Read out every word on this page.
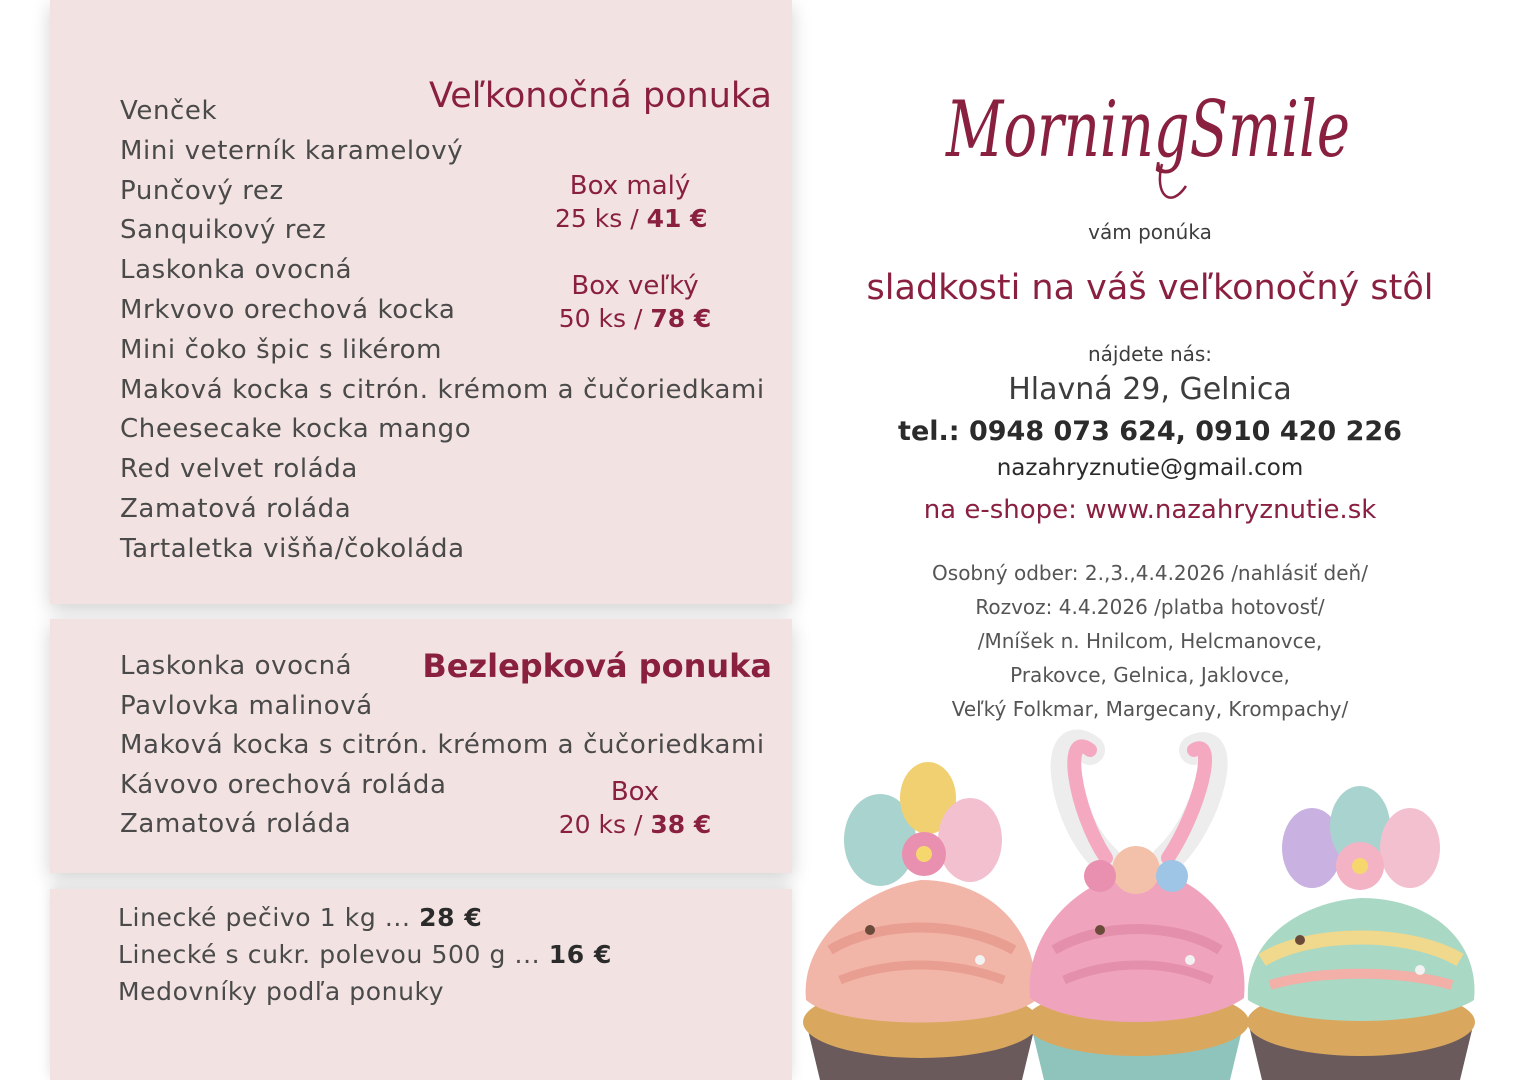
Venček
Mini veterník karamelový
Punčový rez
Sanquikový rez
Laskonka ovocná
Mrkvovo orechová kocka
Mini čoko špic s likérom
Maková kocka s citrón. krémom a čučoriedkami
Cheesecake kocka mango
Red velvet roláda
Zamatová roláda
Tartaletka višňa/čokoláda
Veľkonočná ponuka
Box malý
25 ks / 41 €
Box veľký
50 ks / 78 €
Laskonka ovocná
Pavlovka malinová
Maková kocka s citrón. krémom a čučoriedkami
Kávovo orechová roláda
Zamatová roláda
Bezlepková ponuka
Box
20 ks / 38 €
Linecké pečivo 1 kg ... 28 €
Linecké s cukr. polevou 500 g ... 16 €
Medovníky podľa ponuky
MorningSmile
vám ponúka
sladkosti na váš veľkonočný stôl
nájdete nás:
Hlavná 29, Gelnica
tel.: 0948 073 624, 0910 420 226
nazahryznutie@gmail.com
na e-shope: www.nazahryznutie.sk
Osobný odber: 2.,3.,4.4.2026 /nahlásiť deň/
Rozvoz: 4.4.2026 /platba hotovosť/
/Mníšek n. Hnilcom, Helcmanovce,
Prakovce, Gelnica, Jaklovce,
Veľký Folkmar, Margecany, Krompachy/
